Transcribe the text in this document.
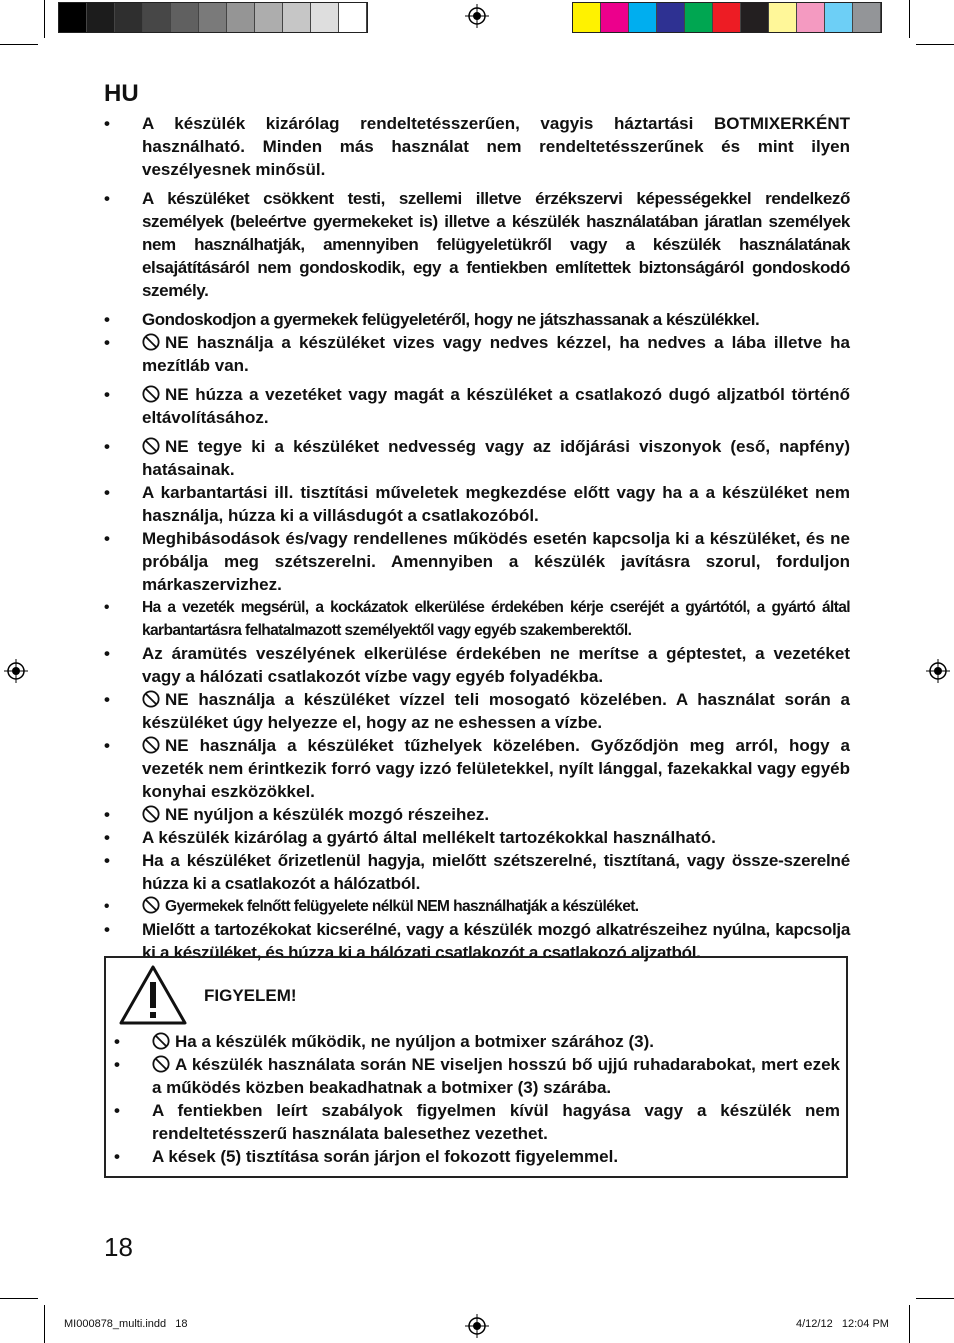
HU
• A készülék kizárólag rendeltetésszerűen, vagyis háztartási BOTMIXERKÉNT használható. Minden más használat nem rendeltetésszerűnek és mint ilyen veszélyesnek minősül.
• A készüléket csökkent testi, szellemi illetve érzékszervi képességekkel rendelkező személyek (beleértve gyermekeket is) illetve a készülék használatában járatlan személyek nem használhatják, amennyiben felügyeletükről vagy a készülék használatának elsajátításáról nem gondoskodik, egy a fentiekben említettek biztonságáról gondoskodó személy.
• Gondoskodjon a gyermekek felügyeletéről, hogy ne játszhassanak a készülékkel.
• NE használja a készüléket vizes vagy nedves kézzel, ha nedves a lába illetve ha mezítláb van.
• NE húzza a vezetéket vagy magát a készüléket a csatlakozó dugó aljzatból történő eltávolításához.
• NE tegye ki a készüléket nedvesség vagy az időjárási viszonyok (eső, napfény) hatásainak.
• A karbantartási ill. tisztítási műveletek megkezdése előtt vagy ha a a készüléket nem használja, húzza ki a villásdugót a csatlakozóból.
• Meghibásodások és/vagy rendellenes működés esetén kapcsolja ki a készüléket, és ne próbálja meg szétszerelni. Amennyiben a készülék javításra szorul, forduljon márkaszervizhez.
• Ha a vezeték megsérül, a kockázatok elkerülése érdekében kérje cseréjét a gyártótól, a gyártó által karbantartásra felhatalmazott személyektől vagy egyéb szakemberektől.
• Az áramütés veszélyének elkerülése érdekében ne merítse a géptestet, a vezetéket vagy a hálózati csatlakozót vízbe vagy egyéb folyadékba.
• NE használja a készüléket vízzel teli mosogató közelében. A használat során a készüléket úgy helyezze el, hogy az ne eshessen a vízbe.
• NE használja a készüléket tűzhelyek közelében. Győződjön meg arról, hogy a vezeték nem érintkezik forró vagy izzó felületekkel, nyílt lánggal, fazekakkal vagy egyéb konyhai eszközökkel.
• NE nyúljon a készülék mozgó részeihez.
• A készülék kizárólag a gyártó által mellékelt tartozékokkal használható.
• Ha a készüléket őrizetlenül hagyja, mielőtt szétszerelné, tisztítaná, vagy össze-szerelné húzza ki a csatlakozót a hálózatból.
• Gyermekek felnőtt felügyelete nélkül NEM használhatják a készüléket.
• Mielőtt a tartozékokat kicserélné, vagy a készülék mozgó alkatrészeihez nyúlna, kapcsolja ki a készüléket, és húzza ki a hálózati csatlakozót a csatlakozó aljzatból.
FIGYELEM!
• Ha a készülék működik, ne nyúljon a botmixer szárához (3).
• A készülék használata során NE viseljen hosszú bő ujjú ruhadarabokat, mert ezek a működés közben beakadhatnak a botmixer (3) szárába.
• A fentiekben leírt szabályok figyelmen kívül hagyása vagy a készülék nem rendeltetésszerű használata balesethez vezethet.
• A kések (5) tisztítása során járjon el fokozott figyelemmel.
18
MI000878_multi.indd   18	4/12/12   12:04 PM
